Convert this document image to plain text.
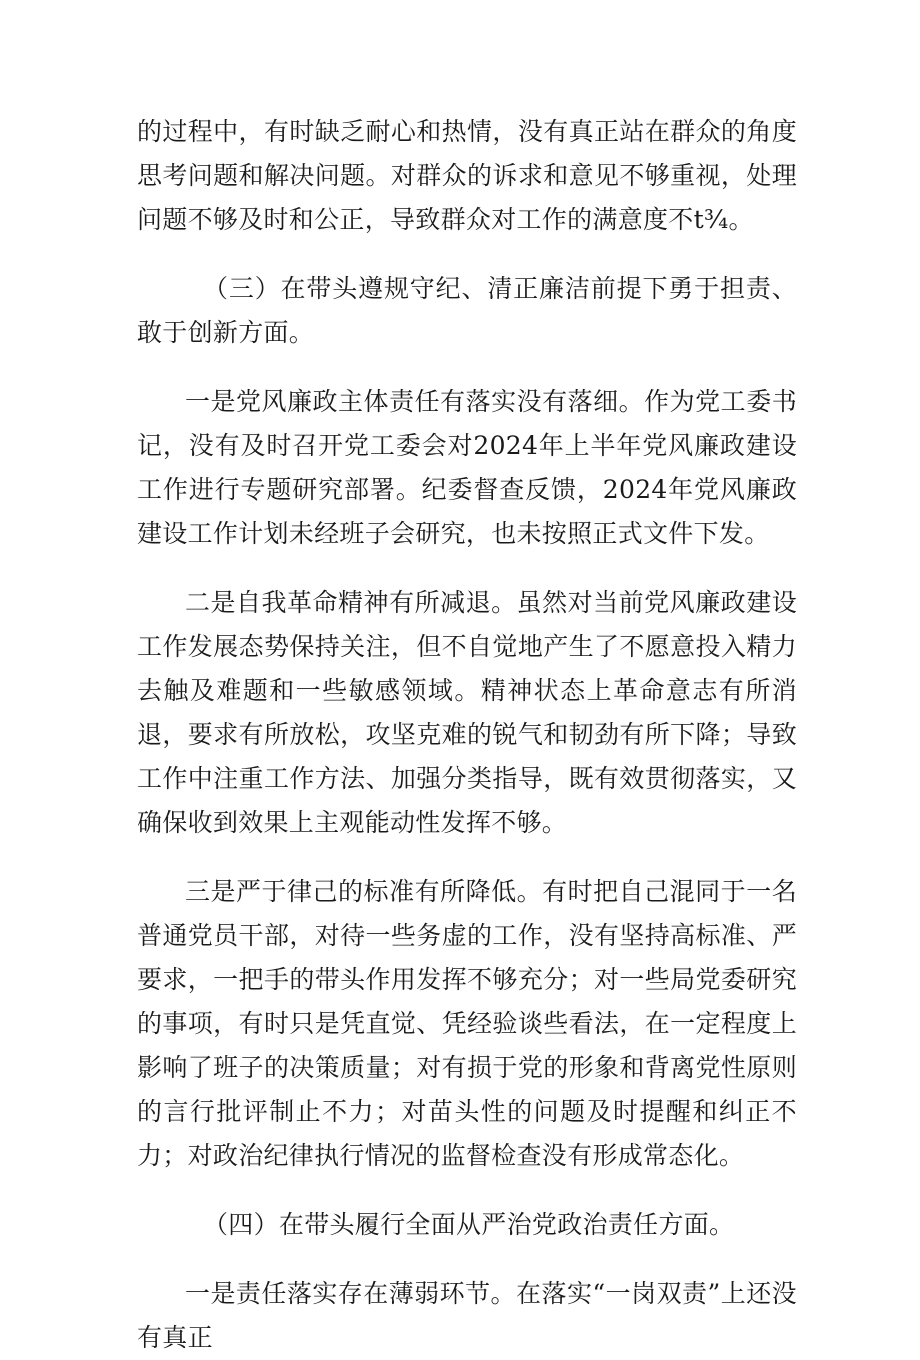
的过程中，有时缺乏耐心和热情，没有真正站在群众的角度思考问题和解决问题。对群众的诉求和意见不够重视，处理问题不够及时和公正，导致群众对工作的满意度不t¾。

（三）在带头遵规守纪、清正廉洁前提下勇于担责、敢于创新方面。

一是党风廉政主体责任有落实没有落细。作为党工委书记，没有及时召开党工委会对2024年上半年党风廉政建设工作进行专题研究部署。纪委督查反馈，2024年党风廉政建设工作计划未经班子会研究，也未按照正式文件下发。

二是自我革命精神有所减退。虽然对当前党风廉政建设工作发展态势保持关注，但不自觉地产生了不愿意投入精力去触及难题和一些敏感领域。精神状态上革命意志有所消退，要求有所放松，攻坚克难的锐气和韧劲有所下降；导致工作中注重工作方法、加强分类指导，既有效贯彻落实，又确保收到效果上主观能动性发挥不够。

三是严于律己的标准有所降低。有时把自己混同于一名普通党员干部，对待一些务虚的工作，没有坚持高标准、严要求，一把手的带头作用发挥不够充分；对一些局党委研究的事项，有时只是凭直觉、凭经验谈些看法，在一定程度上影响了班子的决策质量；对有损于党的形象和背离党性原则的言行批评制止不力；对苗头性的问题及时提醒和纠正不力；对政治纪律执行情况的监督检查没有形成常态化。

（四）在带头履行全面从严治党政治责任方面。

一是责任落实存在薄弱环节。在落实“一岗双责”上还没有真正
